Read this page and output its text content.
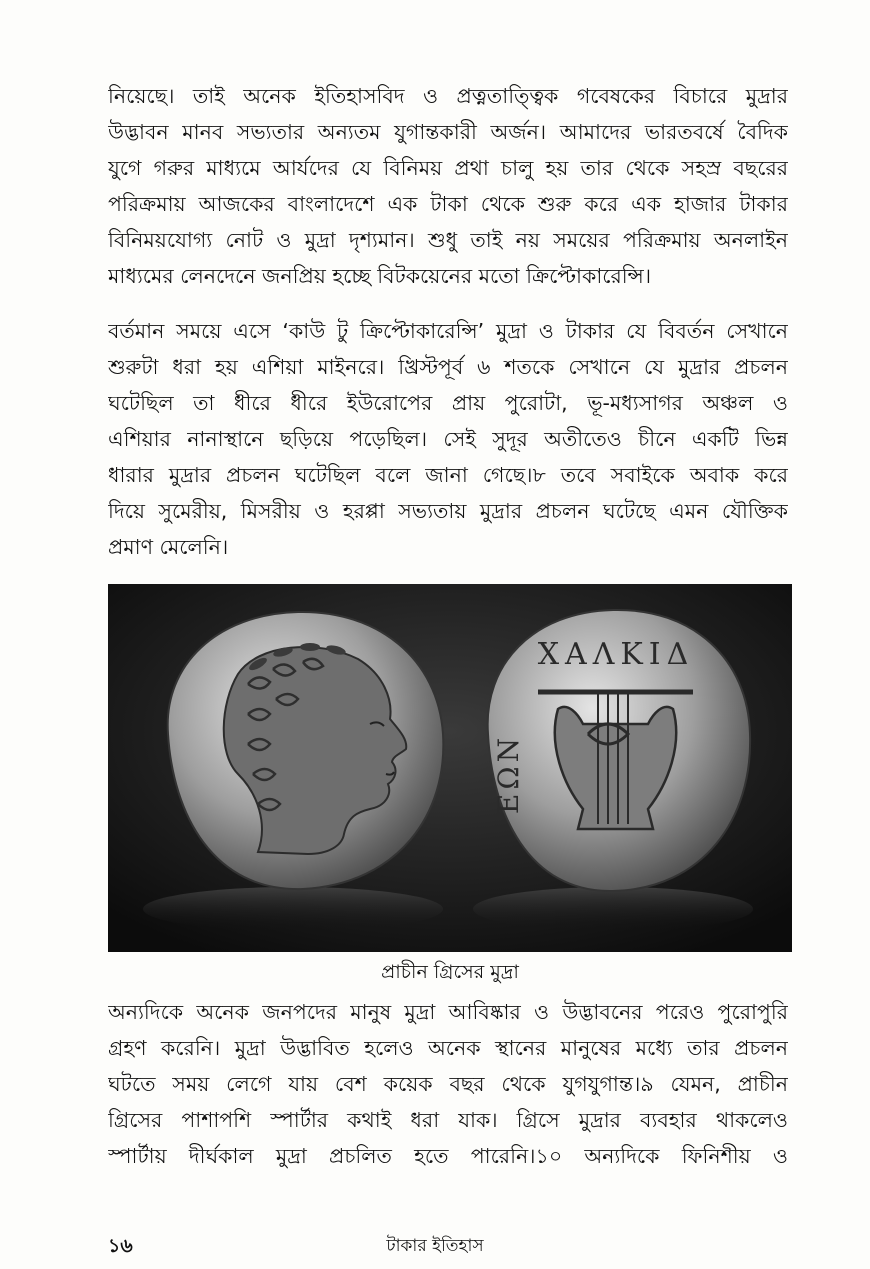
নিয়েছে। তাই অনেক ইতিহাসবিদ ও প্রত্নতাত্ত্বিক গবেষকের বিচারে মুদ্রার
উদ্ভাবন মানব সভ্যতার অন্যতম যুগান্তকারী অর্জন। আমাদের ভারতবর্ষে বৈদিক
যুগে গরুর মাধ্যমে আর্যদের যে বিনিময় প্রথা চালু হয় তার থেকে সহস্র বছরের
পরিক্রমায় আজকের বাংলাদেশে এক টাকা থেকে শুরু করে এক হাজার টাকার
বিনিময়যোগ্য নোট ও মুদ্রা দৃশ্যমান। শুধু তাই নয় সময়ের পরিক্রমায় অনলাইন
মাধ্যমের লেনদেনে জনপ্রিয় হচ্ছে বিটকয়েনের মতো ক্রিপ্টোকারেন্সি।
বর্তমান সময়ে এসে ‘কাউ টু ক্রিপ্টোকারেন্সি’ মুদ্রা ও টাকার যে বিবর্তন সেখানে
শুরুটা ধরা হয় এশিয়া মাইনরে। খ্রিস্টপূর্ব ৬ শতকে সেখানে যে মুদ্রার প্রচলন
ঘটেছিল তা ধীরে ধীরে ইউরোপের প্রায় পুরোটা, ভূ-মধ্যসাগর অঞ্চল ও
এশিয়ার নানাস্থানে ছড়িয়ে পড়েছিল। সেই সুদূর অতীতেও চীনে একটি ভিন্ন
ধারার মুদ্রার প্রচলন ঘটেছিল বলে জানা গেছে।৮ তবে সবাইকে অবাক করে
দিয়ে সুমেরীয়, মিসরীয় ও হরপ্পা সভ্যতায় মুদ্রার প্রচলন ঘটেছে এমন যৌক্তিক
প্রমাণ মেলেনি।
ΧΑΛΚΙΔ
ΕΩΝ
প্রাচীন গ্রিসের মুদ্রা
অন্যদিকে অনেক জনপদের মানুষ মুদ্রা আবিষ্কার ও উদ্ভাবনের পরেও পুরোপুরি
গ্রহণ করেনি। মুদ্রা উদ্ভাবিত হলেও অনেক স্থানের মানুষের মধ্যে তার প্রচলন
ঘটতে সময় লেগে যায় বেশ কয়েক বছর থেকে যুগযুগান্ত।৯ যেমন, প্রাচীন
গ্রিসের পাশাপশি স্পার্টার কথাই ধরা যাক। গ্রিসে মুদ্রার ব্যবহার থাকলেও
স্পার্টায় দীর্ঘকাল মুদ্রা প্রচলিত হতে পারেনি।১০ অন্যদিকে ফিনিশীয় ও
১৬	টাকার ইতিহাস
